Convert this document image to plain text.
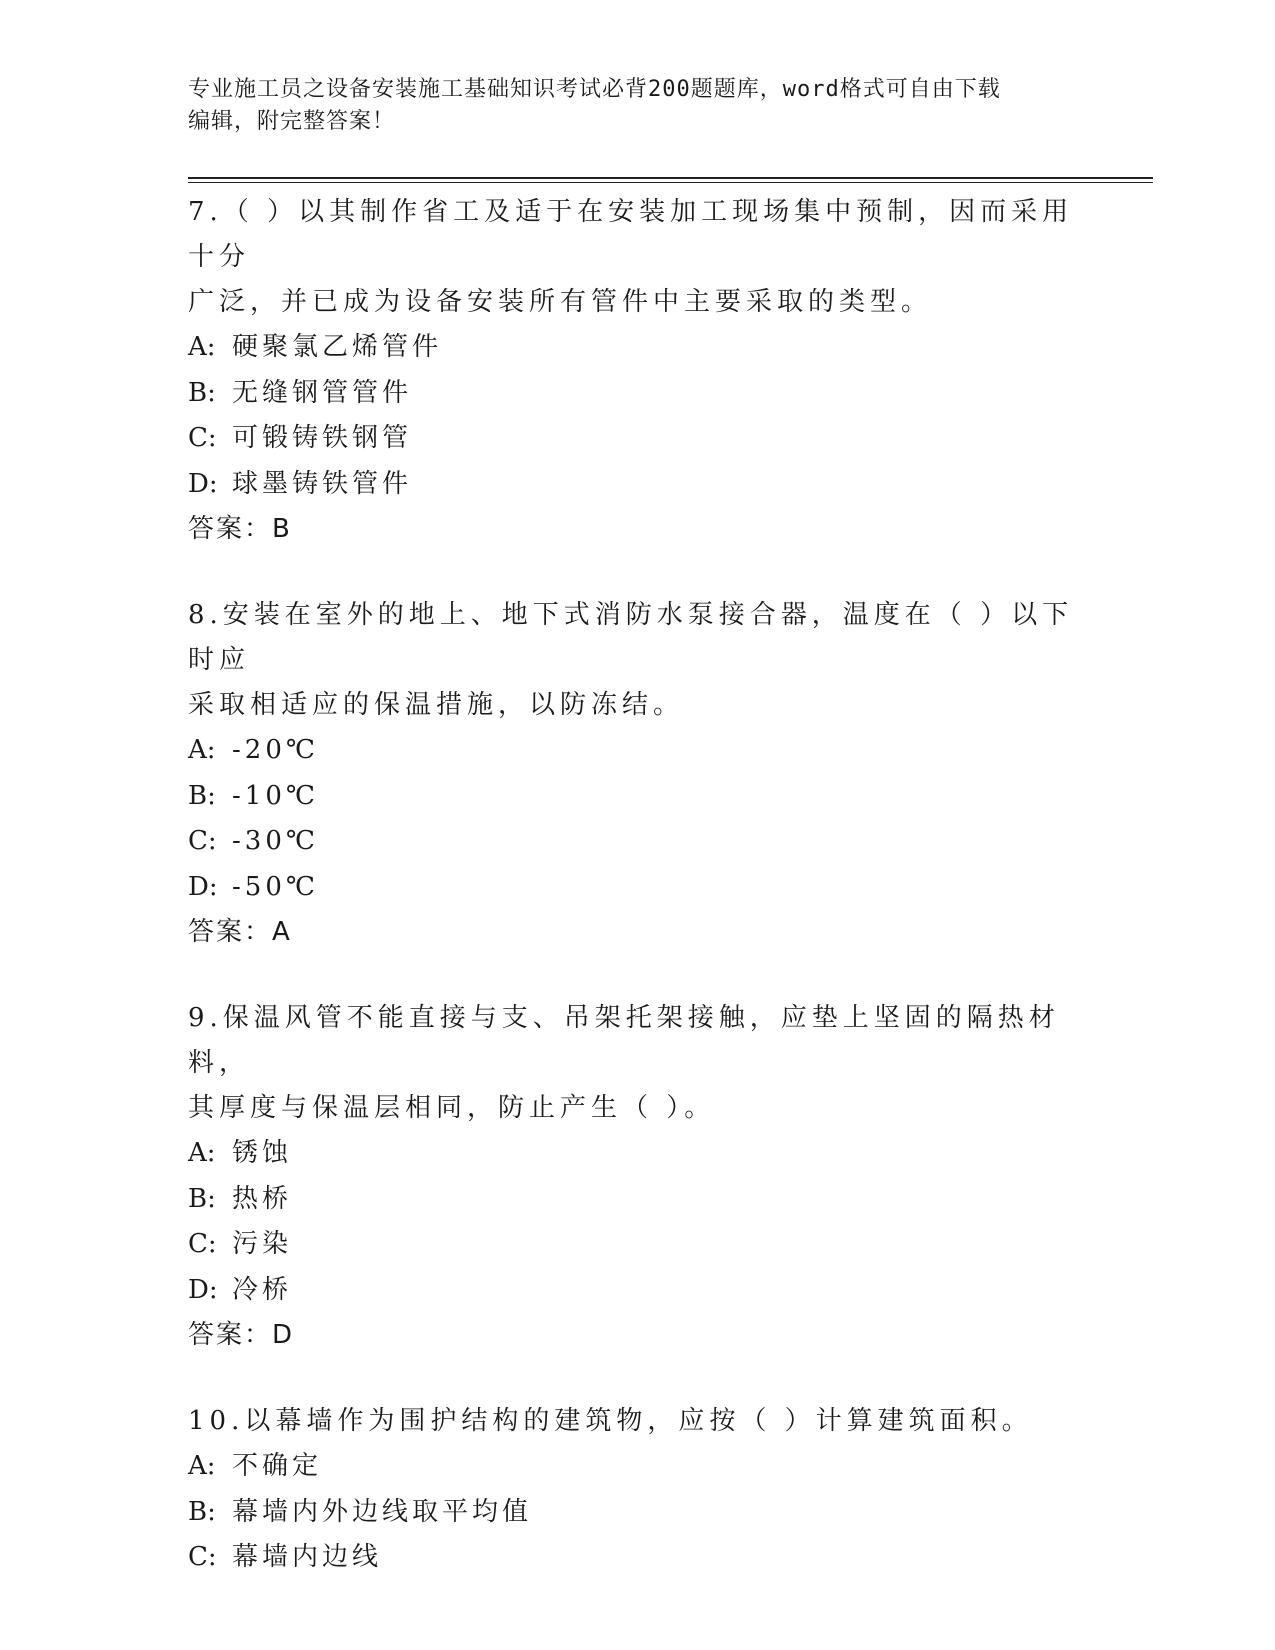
专业施工员之设备安装施工基础知识考试必背200题题库，word格式可自由下载
编辑，附完整答案！
7.（ ）以其制作省工及适于在安装加工现场集中预制，因而采用十分
广泛，并已成为设备安装所有管件中主要采取的类型。
A: 硬聚氯乙烯管件
B: 无缝钢管管件
C: 可锻铸铁钢管
D: 球墨铸铁管件
答案：B
8.安装在室外的地上、地下式消防水泵接合器，温度在（ ）以下时应
采取相适应的保温措施，以防冻结。
A: -20℃
B: -10℃
C: -30℃
D: -50℃
答案：A
9.保温风管不能直接与支、吊架托架接触，应垫上坚固的隔热材料，
其厚度与保温层相同，防止产生（ ）。
A: 锈蚀
B: 热桥
C: 污染
D: 冷桥
答案：D
10.以幕墙作为围护结构的建筑物，应按（ ）计算建筑面积。
A: 不确定
B: 幕墙内外边线取平均值
C: 幕墙内边线
